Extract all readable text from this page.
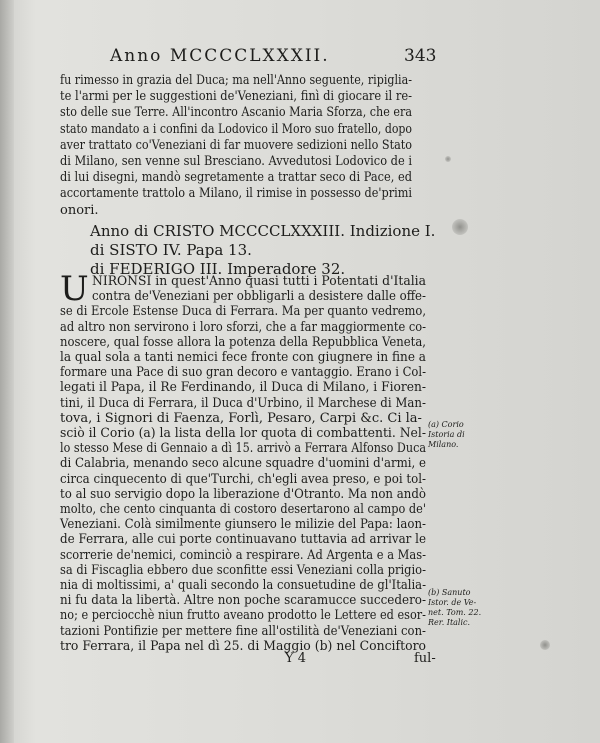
Anno MCCCCLXXXII.	343
fu rimesso in grazia del Duca; ma nell'Anno seguente, ripiglia-
te l'armi per le suggestioni de'Veneziani, finì di giocare il re-
sto delle sue Terre. All'incontro Ascanio Maria Sforza, che era
stato mandato a i confini da Lodovico il Moro suo fratello, dopo
aver trattato co'Veneziani di far muovere sedizioni nello Stato
di Milano, sen venne sul Bresciano. Avvedutosi Lodovico de i
di lui disegni, mandò segretamente a trattar seco di Pace, ed
accortamente trattolo a Milano, il rimise in possesso de'primi
onori.
Anno di CRISTO MCCCCLXXXIII. Indizione I.
di SISTO IV. Papa 13.
di FEDERIGO III. Imperadore 32.
U NIRONSI in quest'Anno quasi tutti i Potentati d'Italia
contra de'Veneziani per obbligarli a desistere dalle offe-
se di Ercole Estense Duca di Ferrara. Ma per quanto vedremo,
ad altro non servirono i loro sforzi, che a far maggiormente co-
noscere, qual fosse allora la potenza della Repubblica Veneta,
la qual sola a tanti nemici fece fronte con giugnere in fine a
formare una Pace di suo gran decoro e vantaggio. Erano i Col-
legati il Papa, il Re Ferdinando, il Duca di Milano, i Fioren-
tini, il Duca di Ferrara, il Duca d'Urbino, il Marchese di Man-
tova, i Signori di Faenza, Forlì, Pesaro, Carpi &c. Ci la-
sciò il Corio (a) la lista della lor quota di combattenti. Nel-
lo stesso Mese di Gennaio a dì 15. arrivò a Ferrara Alfonso Duca
di Calabria, menando seco alcune squadre d'uomini d'armi, e
circa cinquecento di que'Turchi, ch'egli avea preso, e poi tol-
to al suo servigio dopo la liberazione d'Otranto. Ma non andò
molto, che cento cinquanta di costoro desertarono al campo de'
Veneziani. Colà similmente giunsero le milizie del Papa: laon-
de Ferrara, alle cui porte continuavano tuttavia ad arrivar le
scorrerie de'nemici, cominciò a respirare. Ad Argenta e a Mas-
sa di Fiscaglia ebbero due sconfitte essi Veneziani colla prigio-
nia di moltissimi, a' quali secondo la consuetudine de gl'Italia-
ni fu data la libertà. Altre non poche scaramucce succedero-
no; e perciocchè niun frutto aveano prodotto le Lettere ed esor-
tazioni Pontifizie per mettere fine all'ostilità de'Veneziani con-
tro Ferrara, il Papa nel dì 25. di Maggio (b) nel Conciftoro
(a) Corio
Istoria di
Milano.
(b) Sanuto
Istor. de Ve-
net. Tom. 22.
Rer. Italic.
Y 4	ful-
